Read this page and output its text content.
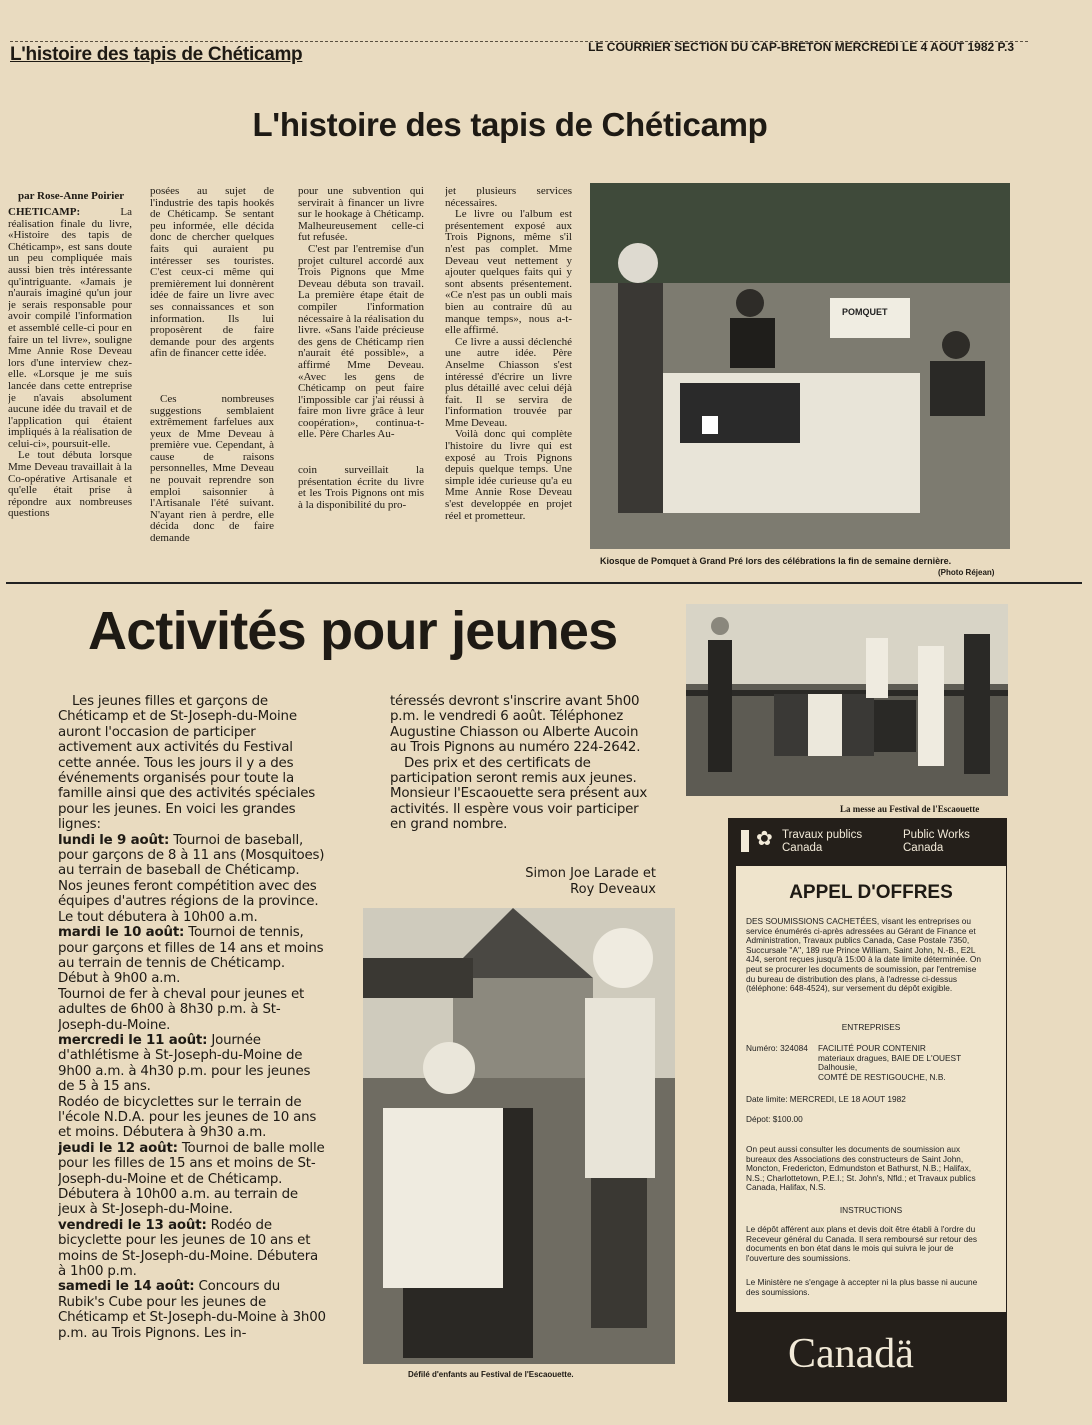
L'histoire des tapis de Chéticamp	LE COURRIER SECTION DU CAP-BRETON MERCREDI LE 4 AOUT 1982 P.3
L'histoire des tapis de Chéticamp
par Rose-Anne Poirier

CHÉTICAMP:	La réalisation finale du livre, «Histoire des tapis de Chéticamp», est sans doute un peu compliquée mais aussi bien très intéressante qu'intriguante. «Jamais je n'aurais imaginé qu'un jour je serais responsable pour avoir compilé l'information et assemblé celle-ci pour en faire un tel livre», souligne Mme Annie Rose Deveau lors d'une interview chez-elle. «Lorsque je me suis lancée dans cette entreprise je n'avais absolument aucune idée du travail et de l'application qui étaient impliqués à la réalisation de celui-ci», poursuit-elle.

Le tout débuta lorsque Mme Deveau travaillait à la Co-opérative Artisanale et qu'elle était prise à répondre aux nombreuses questions

posées au sujet de l'industrie des tapis hookés de Chéticamp. Se sentant peu informée, elle décida donc de chercher quelques faits qui auraient pu intéresser ses touristes. C'est ceux-ci même qui premièrement lui donnèrent idée de faire un livre avec ses connaissances et son information. Ils lui proposèrent de faire demande pour des argents afin de financer cette idée.

Ces nombreuses suggestions semblaient extrêmement farfelues aux yeux de Mme Deveau à première vue. Cependant, à cause de raisons personnelles, Mme Deveau ne pouvait reprendre son emploi saisonnier à l'Artisanale l'été suivant. N'ayant rien à perdre, elle décida donc de faire demande

pour une subvention qui servirait à financer un livre sur le hookage à Chéticamp. Malheureusement celle-ci fut refusée.

C'est par l'entremise d'un projet culturel accordé aux Trois Pignons que Mme Deveau débuta son travail. La première étape était de compiler l'information nécessaire à la réalisation du livre. «Sans l'aide précieuse des gens de Chéticamp rien n'aurait été possible», a affirmé Mme Deveau. «Avec les gens de Chéticamp on peut faire l'impossible car j'ai réussi à faire mon livre grâce à leur coopération», continua-t-elle. Père Charles Au-

coin surveillait la présentation écrite du livre et les Trois Pignons ont mis à la disponibilité du pro-

jet plusieurs services nécessaires.

Le livre ou l'album est présentement exposé aux Trois Pignons, même s'il n'est pas complet. Mme Deveau veut nettement y ajouter quelques faits qui y sont absents présentement. «Ce n'est pas un oubli mais bien au contraire dû au manque temps», nous a-t-elle affirmé.

Ce livre a aussi déclenché une autre idée. Père Anselme Chiasson s'est intéressé d'écrire un livre plus détaillé avec celui déjà fait. Il se servira de l'information trouvée par Mme Deveau.

Voilà donc qui complète l'histoire du livre qui est exposé au Trois Pignons depuis quelque temps. Une simple idée curieuse qu'a eu Mme Annie Rose Deveau s'est developpée en projet réel et prometteur.

POMQUET
Kiosque de Pomquet à Grand Pré lors des célébrations la fin de semaine dernière.
(Photo Réjean)
Activités pour jeunes

Les jeunes filles et garçons de Chéticamp et de St-Joseph-du-Moine auront l'occasion de participer activement aux activités du Festival cette année. Tous les jours il y a des événements organisés pour toute la famille ainsi que des activités spéciales pour les jeunes. En voici les grandes lignes:

lundi le 9 août: Tournoi de baseball, pour garçons de 8 à 11 ans (Mosquitoes) au terrain de baseball de Chéticamp. Nos jeunes feront compétition avec des équipes d'autres régions de la province. Le tout débutera à 10h00 a.m.

mardi le 10 août: Tournoi de tennis, pour garçons et filles de 14 ans et moins au terrain de tennis de Chéticamp. Début à 9h00 a.m.

Tournoi de fer à cheval pour jeunes et adultes de 6h00 à 8h30 p.m. à St-Joseph-du-Moine.

mercredi le 11 août: Journée d'athlétisme à St-Joseph-du-Moine de 9h00 a.m. à 4h30 p.m. pour les jeunes de 5 à 15 ans.

Rodéo de bicyclettes sur le terrain de l'école N.D.A. pour les jeunes de 10 ans et moins. Débutera à 9h30 a.m.

jeudi le 12 août: Tournoi de balle molle pour les filles de 15 ans et moins de St-Joseph-du-Moine et de Chéticamp. Débutera à 10h00 a.m. au terrain de jeux à St-Joseph-du-Moine.

vendredi le 13 août: Rodéo de bicyclette pour les jeunes de 10 ans et moins de St-Joseph-du-Moine. Débutera à 1h00 p.m.

samedi le 14 août: Concours du Rubik's Cube pour les jeunes de Chéticamp et St-Joseph-du-Moine à 3h00 p.m. au Trois Pignons. Les in-

téressés devront s'inscrire avant 5h00 p.m. le vendredi 6 août. Téléphonez Augustine Chiasson ou Alberte Aucoin au Trois Pignons au numéro 224-2642.

Des prix et des certificats de participation seront remis aux jeunes. Monsieur l'Escaouette sera présent aux activités. Il espère vous voir participer en grand nombre.

Simon Joe Larade et
Roy Deveaux
La messe au Festival de l'Escaouette
Défilé d'enfants au Festival de l'Escaouette.
✿ Travaux publics
Canada
Public Works
Canada
APPEL D'OFFRES
DES SOUMISSIONS CACHETÉES, visant les entreprises ou service énumérés ci-après adressées au Gérant de Finance et Administration, Travaux publics Canada, Case Postale 7350, Succursale ''A'', 189 rue Prince William, Saint John, N.-B., E2L 4J4, seront reçues jusqu'à 15:00 à la date limite déterminée. On peut se procurer les documents de soumission, par l'entremise du bureau de distribution des plans, à l'adresse ci-dessus (téléphone: 648-4524), sur versement du dépôt exigible.
ENTREPRISES
Numéro: 324084 FACILITÉ POUR CONTENIR
materiaux dragues, BAIE DE L'OUEST
Dalhousie,
COMTÉ DE RESTIGOUCHE, N.B.
Date limite: MERCREDI, LE 18 AOUT 1982
Dépot: $100.00
On peut aussi consulter les documents de soumission aux bureaux des Associations des constructeurs de Saint John, Moncton, Fredericton, Edmundston et Bathurst, N.B.; Halifax, N.S.; Charlottetown, P.E.I.; St. John's, Nfld.; et Travaux publics Canada, Halifax, N.S.
INSTRUCTIONS
Le dépôt afférent aux plans et devis doit être établi à l'ordre du Receveur général du Canada. Il sera remboursé sur retour des documents en bon état dans le mois qui suivra le jour de l'ouverture des soumissions.
Le Ministère ne s'engage à accepter ni la plus basse ni aucune des soumissions.
Canadä
